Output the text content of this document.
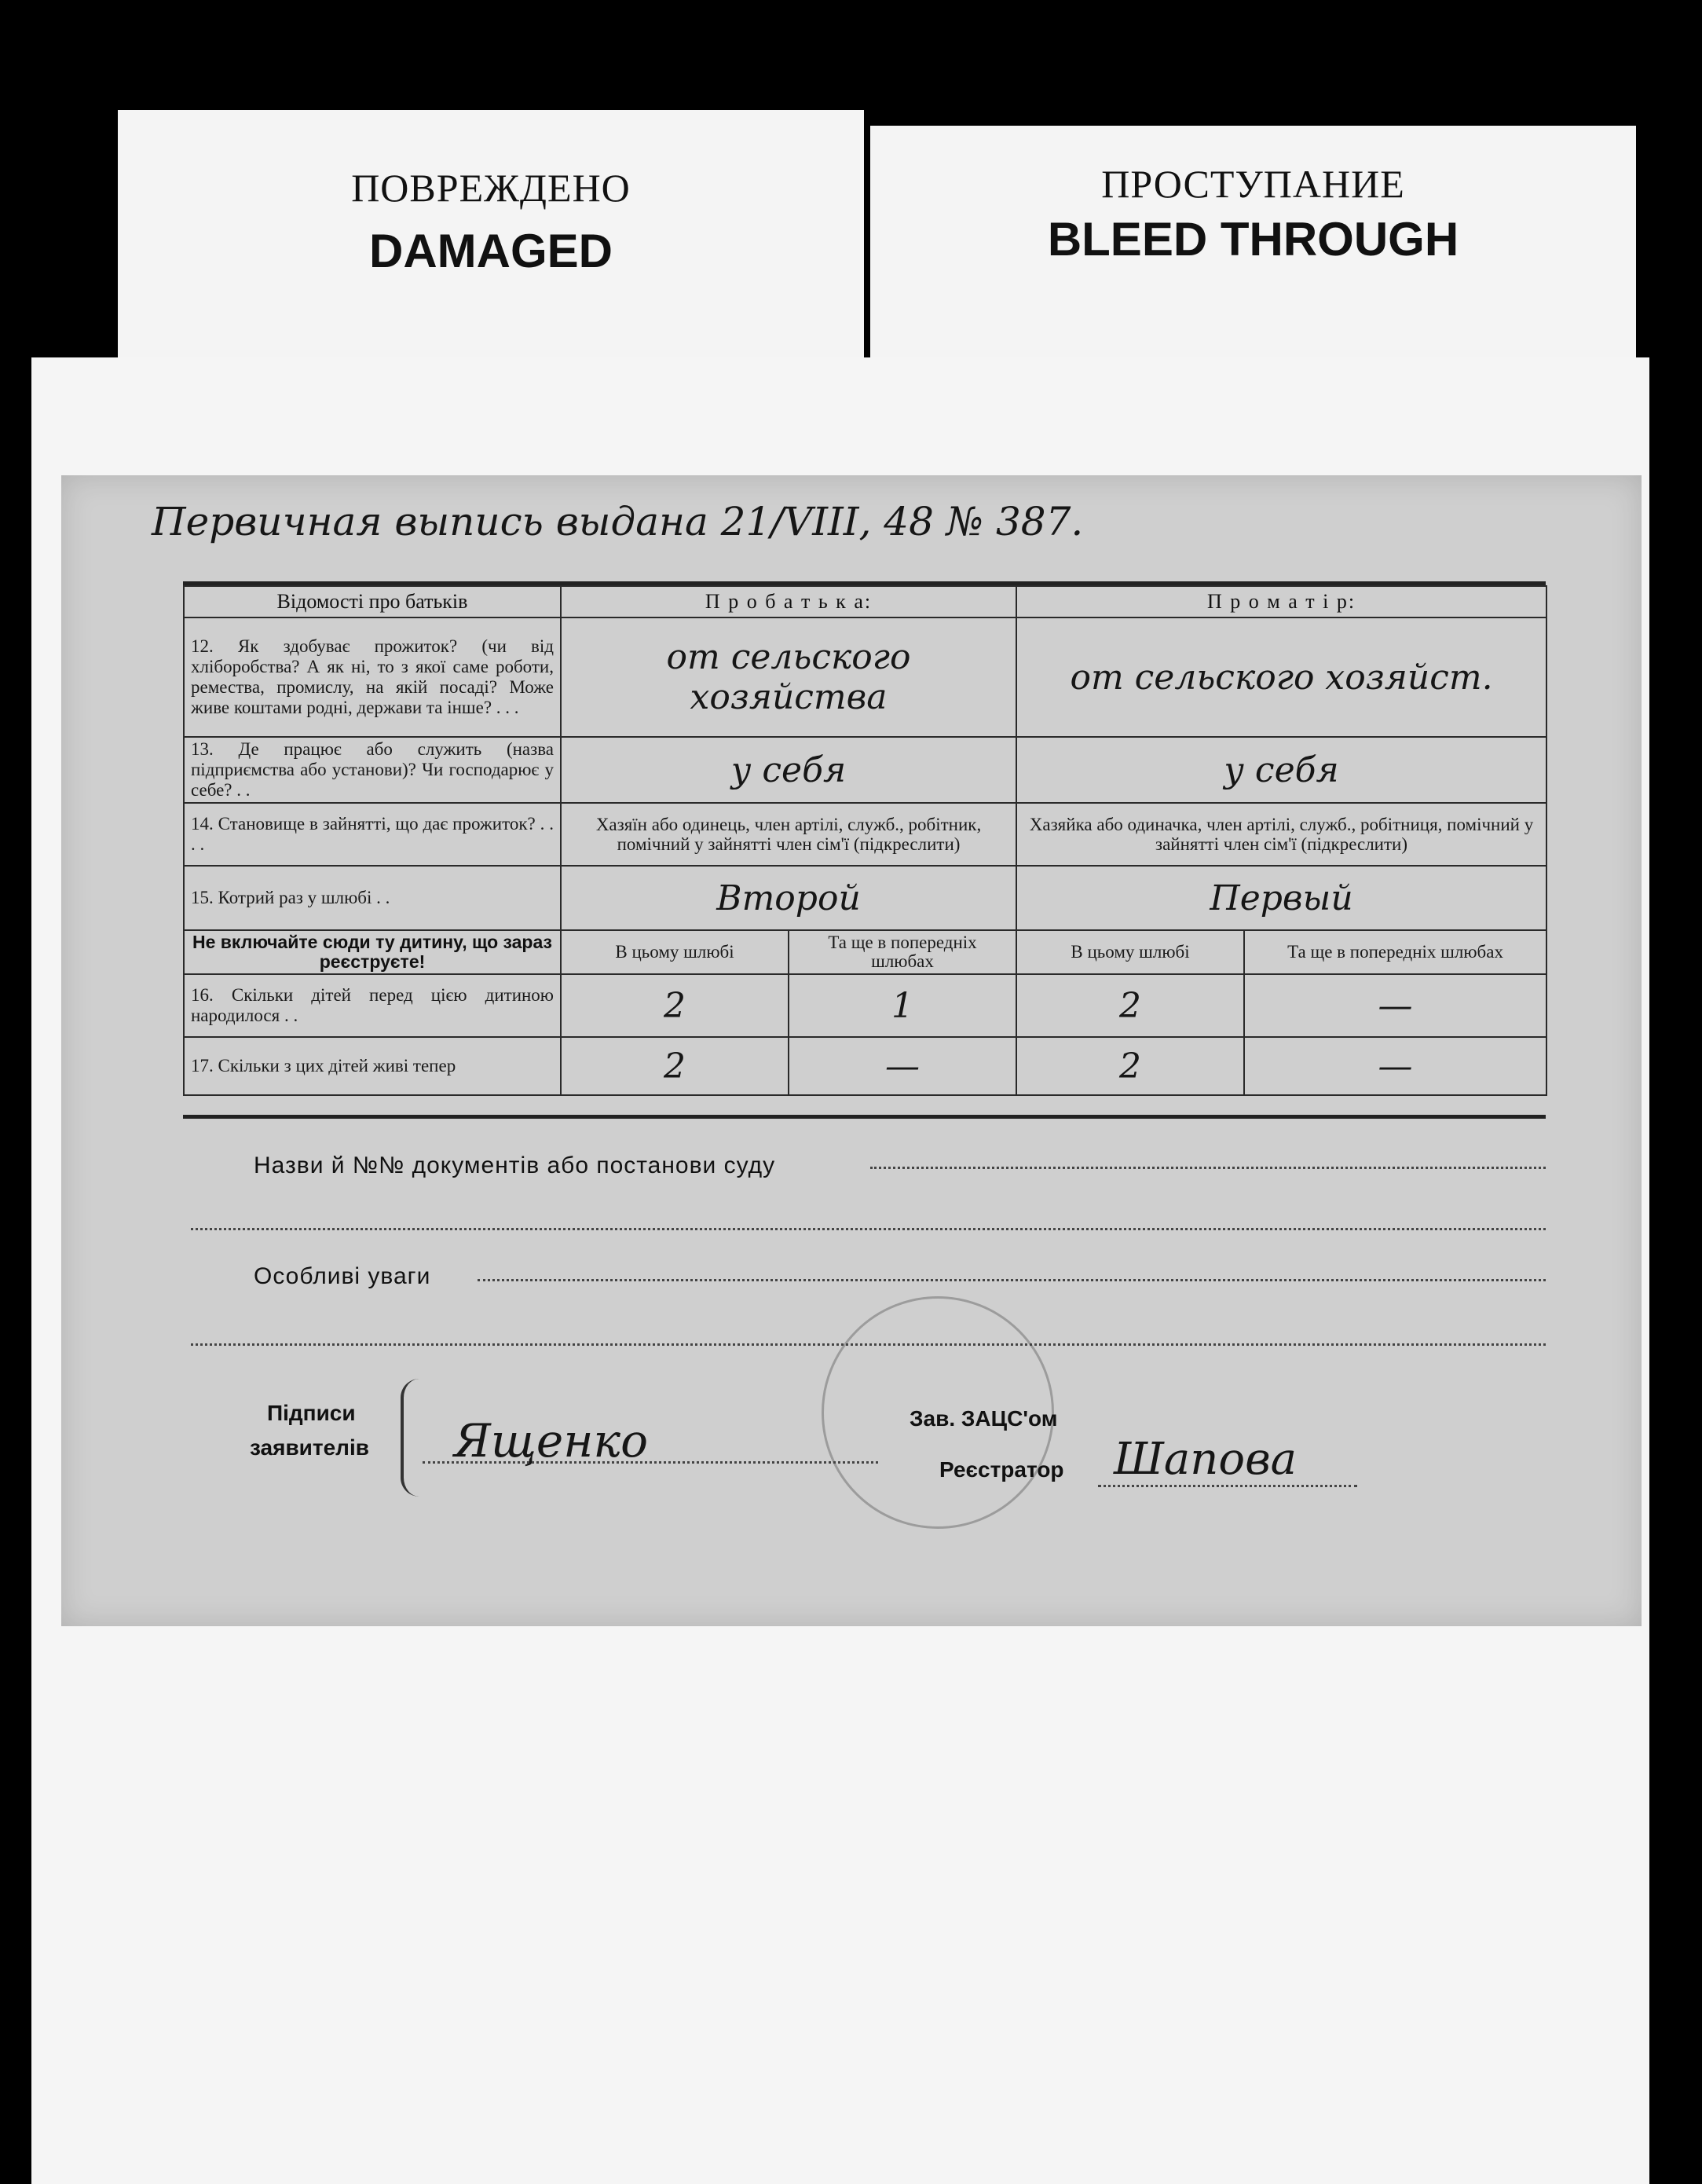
ПОВРЕЖДЕНО
DAMAGED
ПРОСТУПАНИЕ
BLEED THROUGH
Первичная выпись выдана 21/VIII, 48 № 387.
Відомості про батьків	П р о б а т ь к а:		П р о м а т і р:	
12. Як здобуває прожиток? (чи від хліборобства? А як ні, то з якої саме роботи, ремества, промислу, на якій посаді? Може живе коштами родні, держави та інше? . . .	от сельского хозяйства		от сельского хозяйст.	
13. Де працює або служить (назва підприємства або установи)? Чи господарює у себе? . .	у себя		у себя	
14. Становище в зайнятті, що дає прожиток? . . . .	Хазяїн або одинець, член артілі, служб., робітник, помічний у зайнятті член сім'ї (підкреслити)		Хазяйка або одиначка, член артілі, служб., робітниця, помічний у зайнятті член сім'ї (підкреслити)	
15. Котрий раз у шлюбі . .	Второй		Первый	
Не включайте сюди ту дитину, що зараз реєструєте!	В цьому шлюбі	Та ще в попередніх шлюбах	В цьому шлюбі	Та ще в попередніх шлюбах
16. Скільки дітей перед цією дитиною народилося . .	2	1	2	—
17. Скільки з цих дітей живі тепер	2	—	2	—
Назви й №№ документів або постанови суду
Особливі уваги
Підписи
заявителів Ященко	Зав. ЗАЦС'ом
Реєстратор Шапова
